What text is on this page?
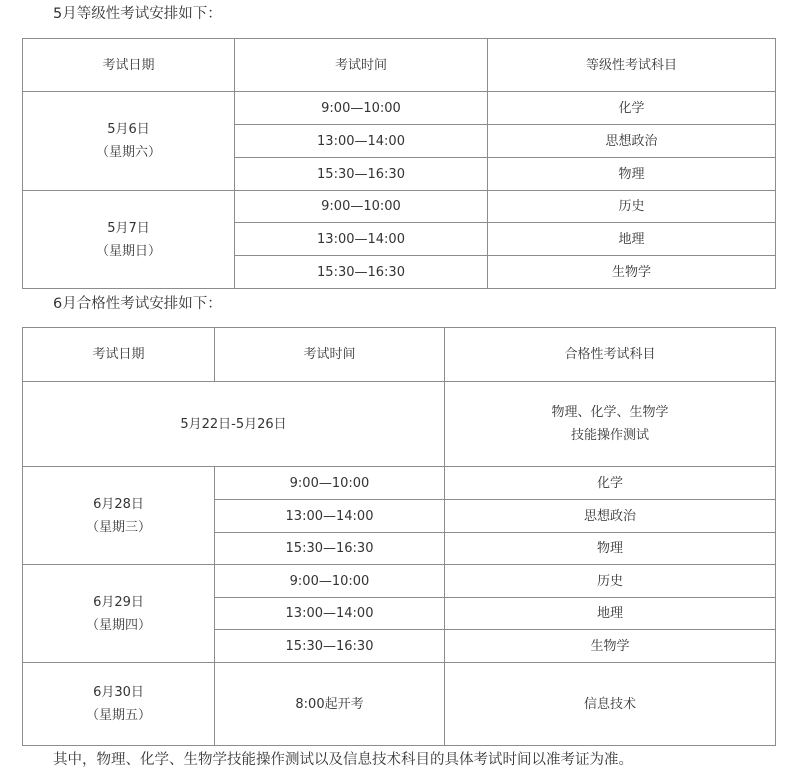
5月等级性考试安排如下：
考试日期	考试时间	等级性考试科目

5月6日
（星期六）	9:00—10:00	化学
	13:00—14:00	思想政治
	15:30—16:30	物理

5月7日
（星期日）	9:00—10:00	历史
	13:00—14:00	地理
	15:30—16:30	生物学
6月合格性考试安排如下：
考试日期	考试时间	合格性考试科目
5月22日-5月26日		物理、化学、生物学
技能操作测试

6月28日
（星期三）	9:00—10:00	化学
	13:00—14:00	思想政治
	15:30—16:30	物理

6月29日
（星期四）	9:00—10:00	历史
	13:00—14:00	地理
	15:30—16:30	生物学

6月30日
（星期五）	8:00起开考	信息技术
其中，物理、化学、生物学技能操作测试以及信息技术科目的具体考试时间以准考证为准。
